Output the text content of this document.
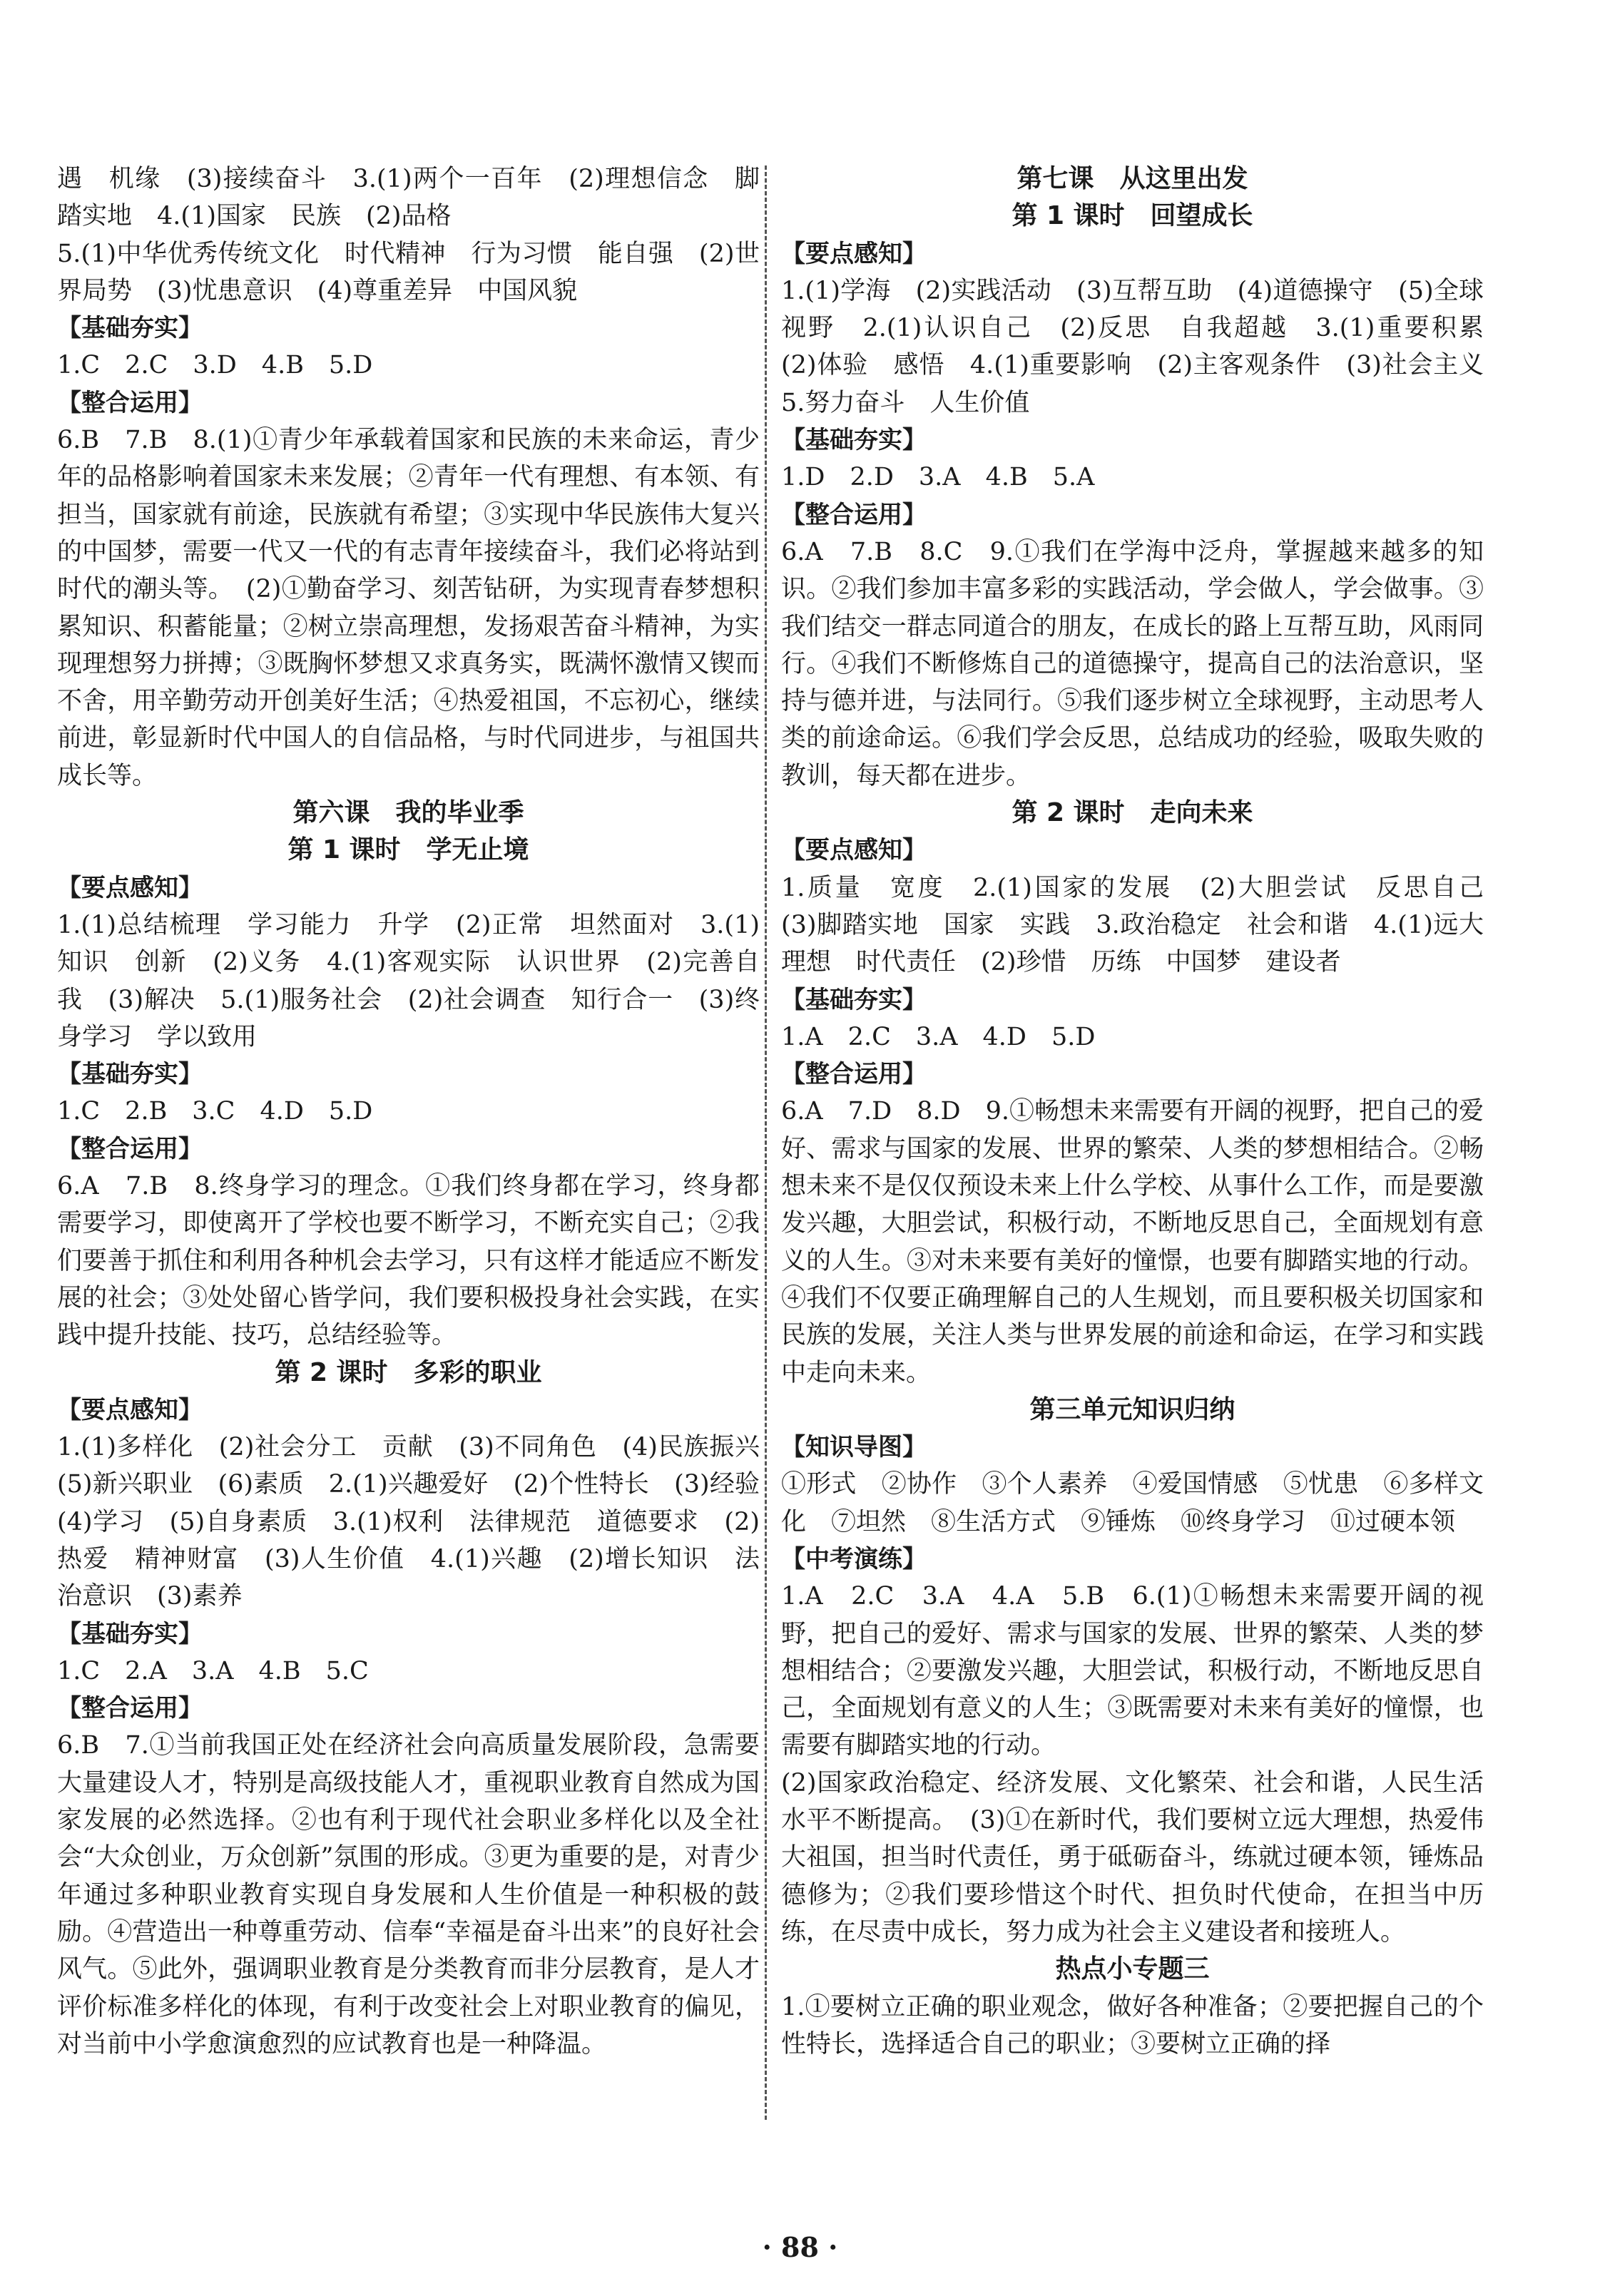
遇　机缘　(3)接续奋斗　3.(1)两个一百年　(2)理想信念　脚踏实地　4.(1)国家　民族　(2)品格
5.(1)中华优秀传统文化　时代精神　行为习惯　能自强　(2)世界局势　(3)忧患意识　(4)尊重差异　中国风貌
【基础夯实】
1.C　2.C　3.D　4.B　5.D
【整合运用】
6.B　7.B　8.(1)①青少年承载着国家和民族的未来命运，青少年的品格影响着国家未来发展；②青年一代有理想、有本领、有担当，国家就有前途，民族就有希望；③实现中华民族伟大复兴的中国梦，需要一代又一代的有志青年接续奋斗，我们必将站到时代的潮头等。　(2)①勤奋学习、刻苦钻研，为实现青春梦想积累知识、积蓄能量；②树立崇高理想，发扬艰苦奋斗精神，为实现理想努力拼搏；③既胸怀梦想又求真务实，既满怀激情又锲而不舍，用辛勤劳动开创美好生活；④热爱祖国，不忘初心，继续前进，彰显新时代中国人的自信品格，与时代同进步，与祖国共成长等。
第六课　我的毕业季
第 1 课时　学无止境
【要点感知】
1.(1)总结梳理　学习能力　升学　(2)正常　坦然面对　3.(1)知识　创新　(2)义务　4.(1)客观实际　认识世界　(2)完善自我　(3)解决　5.(1)服务社会　(2)社会调查　知行合一　(3)终身学习　学以致用
【基础夯实】
1.C　2.B　3.C　4.D　5.D
【整合运用】
6.A　7.B　8.终身学习的理念。①我们终身都在学习，终身都需要学习，即使离开了学校也要不断学习，不断充实自己；②我们要善于抓住和利用各种机会去学习，只有这样才能适应不断发展的社会；③处处留心皆学问，我们要积极投身社会实践，在实践中提升技能、技巧，总结经验等。
第 2 课时　多彩的职业
【要点感知】
1.(1)多样化　(2)社会分工　贡献　(3)不同角色　(4)民族振兴　(5)新兴职业　(6)素质　2.(1)兴趣爱好　(2)个性特长　(3)经验　(4)学习　(5)自身素质　3.(1)权利　法律规范　道德要求　(2)热爱　精神财富　(3)人生价值　4.(1)兴趣　(2)增长知识　法治意识　(3)素养
【基础夯实】
1.C　2.A　3.A　4.B　5.C
【整合运用】
6.B　7.①当前我国正处在经济社会向高质量发展阶段，急需要大量建设人才，特别是高级技能人才，重视职业教育自然成为国家发展的必然选择。②也有利于现代社会职业多样化以及全社会“大众创业，万众创新”氛围的形成。③更为重要的是，对青少年通过多种职业教育实现自身发展和人生价值是一种积极的鼓励。④营造出一种尊重劳动、信奉“幸福是奋斗出来”的良好社会风气。⑤此外，强调职业教育是分类教育而非分层教育，是人才评价标准多样化的体现，有利于改变社会上对职业教育的偏见，对当前中小学愈演愈烈的应试教育也是一种降温。
第七课　从这里出发
第 1 课时　回望成长
【要点感知】
1.(1)学海　(2)实践活动　(3)互帮互助　(4)道德操守　(5)全球视野　2.(1)认识自己　(2)反思　自我超越　3.(1)重要积累　(2)体验　感悟　4.(1)重要影响　(2)主客观条件　(3)社会主义　5.努力奋斗　人生价值
【基础夯实】
1.D　2.D　3.A　4.B　5.A
【整合运用】
6.A　7.B　8.C　9.①我们在学海中泛舟，掌握越来越多的知识。②我们参加丰富多彩的实践活动，学会做人，学会做事。③我们结交一群志同道合的朋友，在成长的路上互帮互助，风雨同行。④我们不断修炼自己的道德操守，提高自己的法治意识，坚持与德并进，与法同行。⑤我们逐步树立全球视野，主动思考人类的前途命运。⑥我们学会反思，总结成功的经验，吸取失败的教训，每天都在进步。
第 2 课时　走向未来
【要点感知】
1.质量　宽度　2.(1)国家的发展　(2)大胆尝试　反思自己　(3)脚踏实地　国家　实践　3.政治稳定　社会和谐　4.(1)远大理想　时代责任　(2)珍惜　历练　中国梦　建设者
【基础夯实】
1.A　2.C　3.A　4.D　5.D
【整合运用】
6.A　7.D　8.D　9.①畅想未来需要有开阔的视野，把自己的爱好、需求与国家的发展、世界的繁荣、人类的梦想相结合。②畅想未来不是仅仅预设未来上什么学校、从事什么工作，而是要激发兴趣，大胆尝试，积极行动，不断地反思自己，全面规划有意义的人生。③对未来要有美好的憧憬，也要有脚踏实地的行动。④我们不仅要正确理解自己的人生规划，而且要积极关切国家和民族的发展，关注人类与世界发展的前途和命运，在学习和实践中走向未来。
第三单元知识归纳
【知识导图】
①形式　②协作　③个人素养　④爱国情感　⑤忧患　⑥多样文化　⑦坦然　⑧生活方式　⑨锤炼　⑩终身学习　⑪过硬本领
【中考演练】
1.A　2.C　3.A　4.A　5.B　6.(1)①畅想未来需要开阔的视野，把自己的爱好、需求与国家的发展、世界的繁荣、人类的梦想相结合；②要激发兴趣，大胆尝试，积极行动，不断地反思自己，全面规划有意义的人生；③既需要对未来有美好的憧憬，也需要有脚踏实地的行动。
(2)国家政治稳定、经济发展、文化繁荣、社会和谐，人民生活水平不断提高。　(3)①在新时代，我们要树立远大理想，热爱伟大祖国，担当时代责任，勇于砥砺奋斗，练就过硬本领，锤炼品德修为；②我们要珍惜这个时代、担负时代使命，在担当中历练，在尽责中成长，努力成为社会主义建设者和接班人。
热点小专题三
1.①要树立正确的职业观念，做好各种准备；②要把握自己的个性特长，选择适合自己的职业；③要树立正确的择
· 88 ·
